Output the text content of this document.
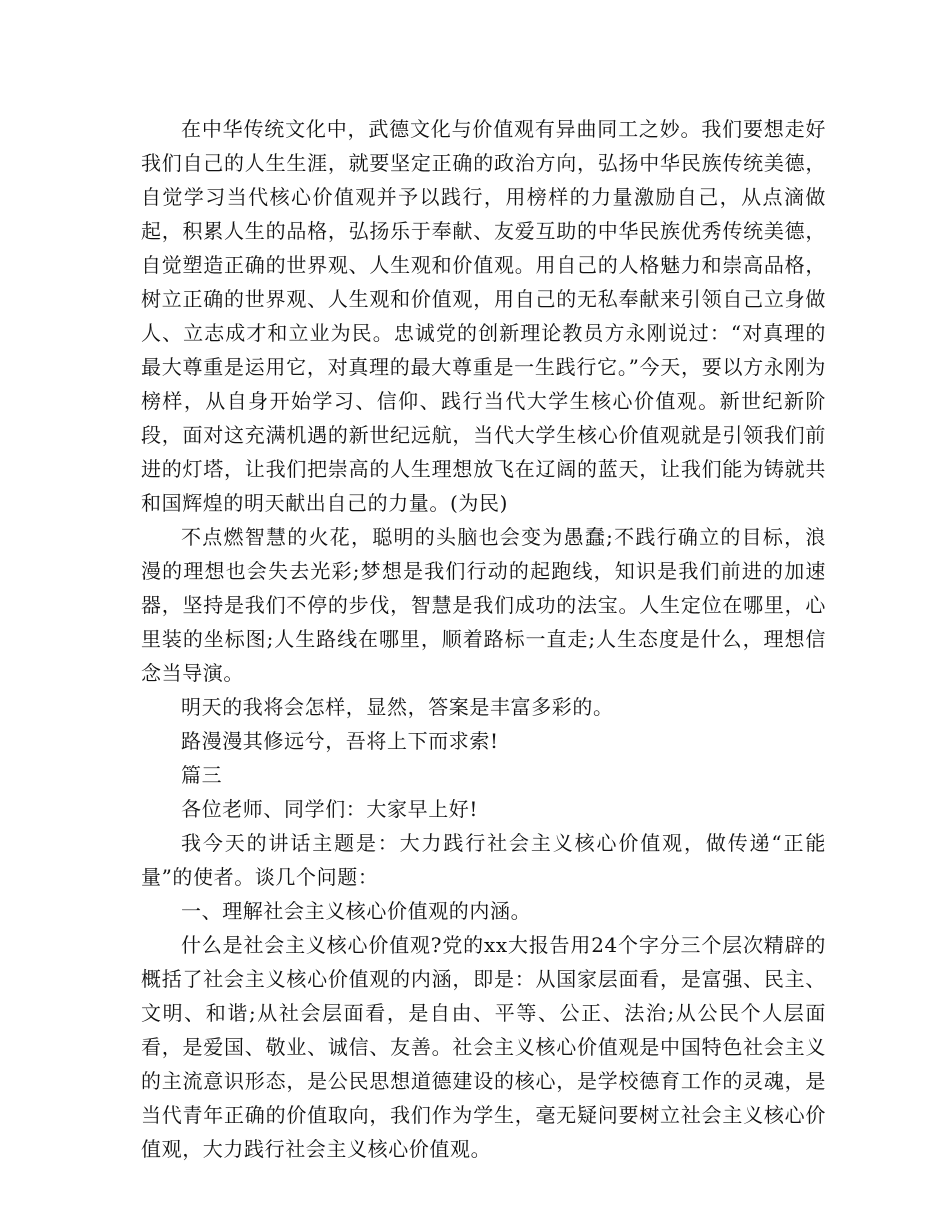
在中华传统文化中，武德文化与价值观有异曲同工之妙。我们要想走好我们自己的人生生涯，就要坚定正确的政治方向，弘扬中华民族传统美德，自觉学习当代核心价值观并予以践行，用榜样的力量激励自己，从点滴做起，积累人生的品格，弘扬乐于奉献、友爱互助的中华民族优秀传统美德，自觉塑造正确的世界观、人生观和价值观。用自己的人格魅力和崇高品格，树立正确的世界观、人生观和价值观，用自己的无私奉献来引领自己立身做人、立志成才和立业为民。忠诚党的创新理论教员方永刚说过：“对真理的最大尊重是运用它，对真理的最大尊重是一生践行它。”今天，要以方永刚为榜样，从自身开始学习、信仰、践行当代大学生核心价值观。新世纪新阶段，面对这充满机遇的新世纪远航，当代大学生核心价值观就是引领我们前进的灯塔，让我们把崇高的人生理想放飞在辽阔的蓝天，让我们能为铸就共和国辉煌的明天献出自己的力量。(为民)

不点燃智慧的火花，聪明的头脑也会变为愚蠢;不践行确立的目标，浪漫的理想也会失去光彩;梦想是我们行动的起跑线，知识是我们前进的加速器，坚持是我们不停的步伐，智慧是我们成功的法宝。人生定位在哪里，心里装的坐标图;人生路线在哪里，顺着路标一直走;人生态度是什么，理想信念当导演。

明天的我将会怎样，显然，答案是丰富多彩的。

路漫漫其修远兮，吾将上下而求索!

篇三

各位老师、同学们：大家早上好!

我今天的讲话主题是：大力践行社会主义核心价值观，做传递“正能量”的使者。谈几个问题：

一、理解社会主义核心价值观的内涵。

什么是社会主义核心价值观?党的xx大报告用24个字分三个层次精辟的概括了社会主义核心价值观的内涵，即是：从国家层面看，是富强、民主、文明、和谐;从社会层面看，是自由、平等、公正、法治;从公民个人层面看，是爱国、敬业、诚信、友善。社会主义核心价值观是中国特色社会主义的主流意识形态，是公民思想道德建设的核心，是学校德育工作的灵魂，是当代青年正确的价值取向，我们作为学生，毫无疑问要树立社会主义核心价值观，大力践行社会主义核心价值观。
